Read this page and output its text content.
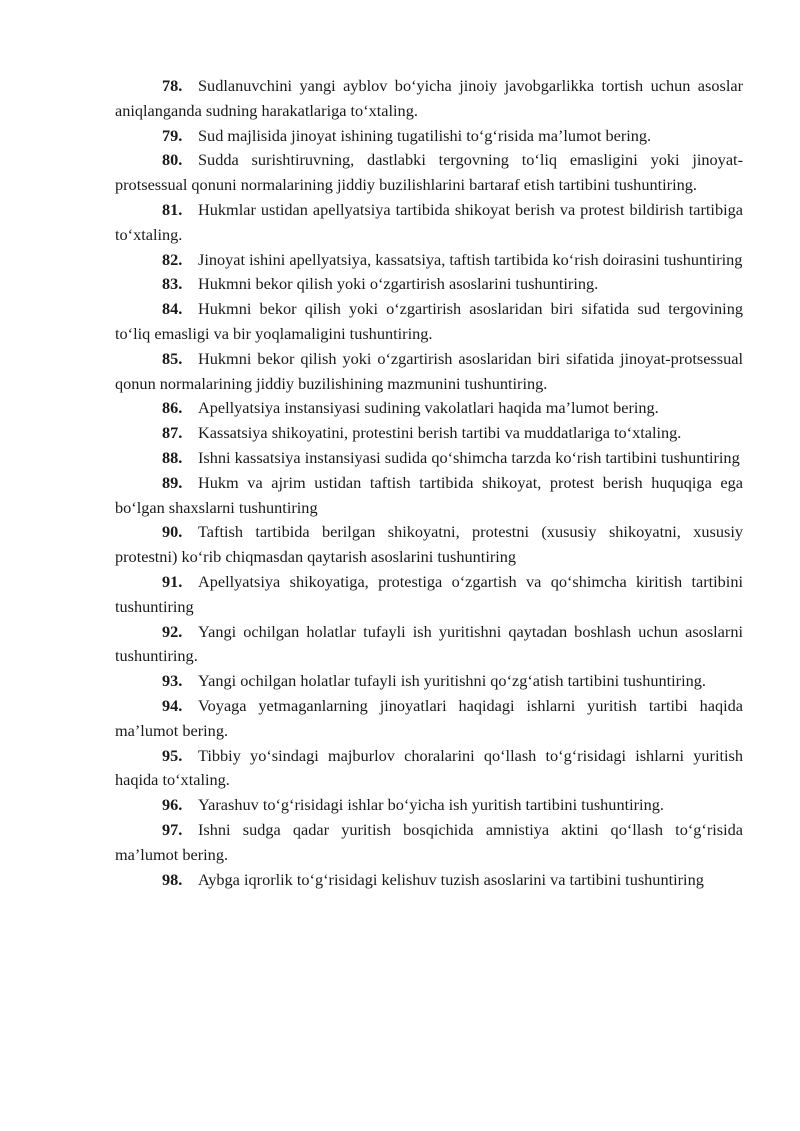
78. Sudlanuvchini yangi ayblov bo‘yicha jinoiy javobgarlikka tortish uchun asoslar aniqlanganda sudning harakatlariga to‘xtaling.

79. Sud majlisida jinoyat ishining tugatilishi to‘g‘risida ma’lumot bering.

80. Sudda surishtiruvning, dastlabki tergovning to‘liq emasligini yoki jinoyat-protsessual qonuni normalarining jiddiy buzilishlarini bartaraf etish tartibini tushuntiring.

81. Hukmlar ustidan apellyatsiya tartibida shikoyat berish va protest bildirish tartibiga to‘xtaling.

82. Jinoyat ishini apellyatsiya, kassatsiya, taftish tartibida ko‘rish doirasini tushuntiring

83. Hukmni bekor qilish yoki o‘zgartirish asoslarini tushuntiring.

84. Hukmni bekor qilish yoki o‘zgartirish asoslaridan biri sifatida sud tergovining to‘liq emasligi va bir yoqlamaligini tushuntiring.

85. Hukmni bekor qilish yoki o‘zgartirish asoslaridan biri sifatida jinoyat-protsessual qonun normalarining jiddiy buzilishining mazmunini tushuntiring.

86. Apellyatsiya instansiyasi sudining vakolatlari haqida ma’lumot bering.

87. Kassatsiya shikoyatini, protestini berish tartibi va muddatlariga to‘xtaling.

88. Ishni kassatsiya instansiyasi sudida qo‘shimcha tarzda ko‘rish tartibini tushuntiring

89. Hukm va ajrim ustidan taftish tartibida shikoyat, protest berish huquqiga ega bo‘lgan shaxslarni tushuntiring

90. Taftish tartibida berilgan shikoyatni, protestni (xususiy shikoyatni, xususiy protestni) ko‘rib chiqmasdan qaytarish asoslarini tushuntiring

91. Apellyatsiya shikoyatiga, protestiga o‘zgartish va qo‘shimcha kiritish tartibini tushuntiring

92. Yangi ochilgan holatlar tufayli ish yuritishni qaytadan boshlash uchun asoslarni tushuntiring.

93. Yangi ochilgan holatlar tufayli ish yuritishni qo‘zg‘atish tartibini tushuntiring.

94. Voyaga yetmaganlarning jinoyatlari haqidagi ishlarni yuritish tartibi haqida ma’lumot bering.

95. Tibbiy yo‘sindagi majburlov choralarini qo‘llash to‘g‘risidagi ishlarni yuritish haqida to‘xtaling.

96. Yarashuv to‘g‘risidagi ishlar bo‘yicha ish yuritish tartibini tushuntiring.

97. Ishni sudga qadar yuritish bosqichida amnistiya aktini qo‘llash to‘g‘risida ma’lumot bering.

98. Aybga iqrorlik to‘g‘risidagi kelishuv tuzish asoslarini va tartibini tushuntiring
